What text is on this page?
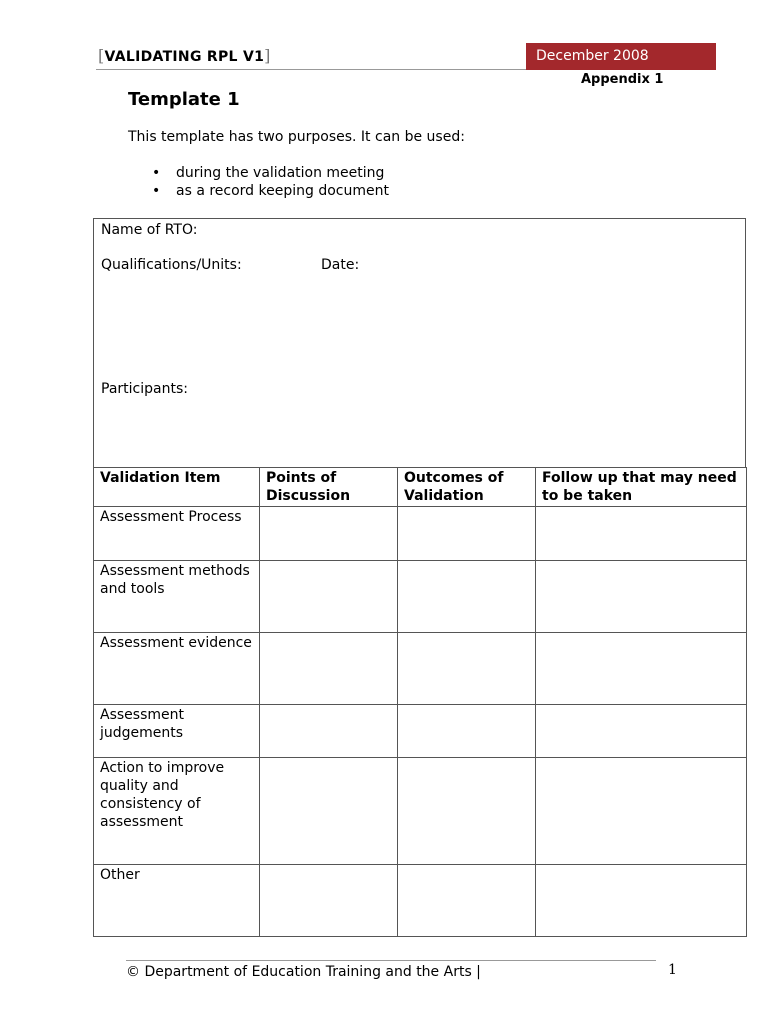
[VALIDATING RPL V1]	December 2008
Appendix 1
Template 1

This template has two purposes. It can be used:

• during the validation meeting
• as a record keeping document
Name of RTO:
Qualifications/Units:	Date:
Participants:
Validation Item	Points of Discussion	Outcomes of Validation	Follow up that may need to be taken
Assessment Process			
Assessment methods and tools			
Assessment evidence			
Assessment judgements			
Action to improve quality and consistency of assessment			
Other			
© Department of Education Training and the Arts |	1
